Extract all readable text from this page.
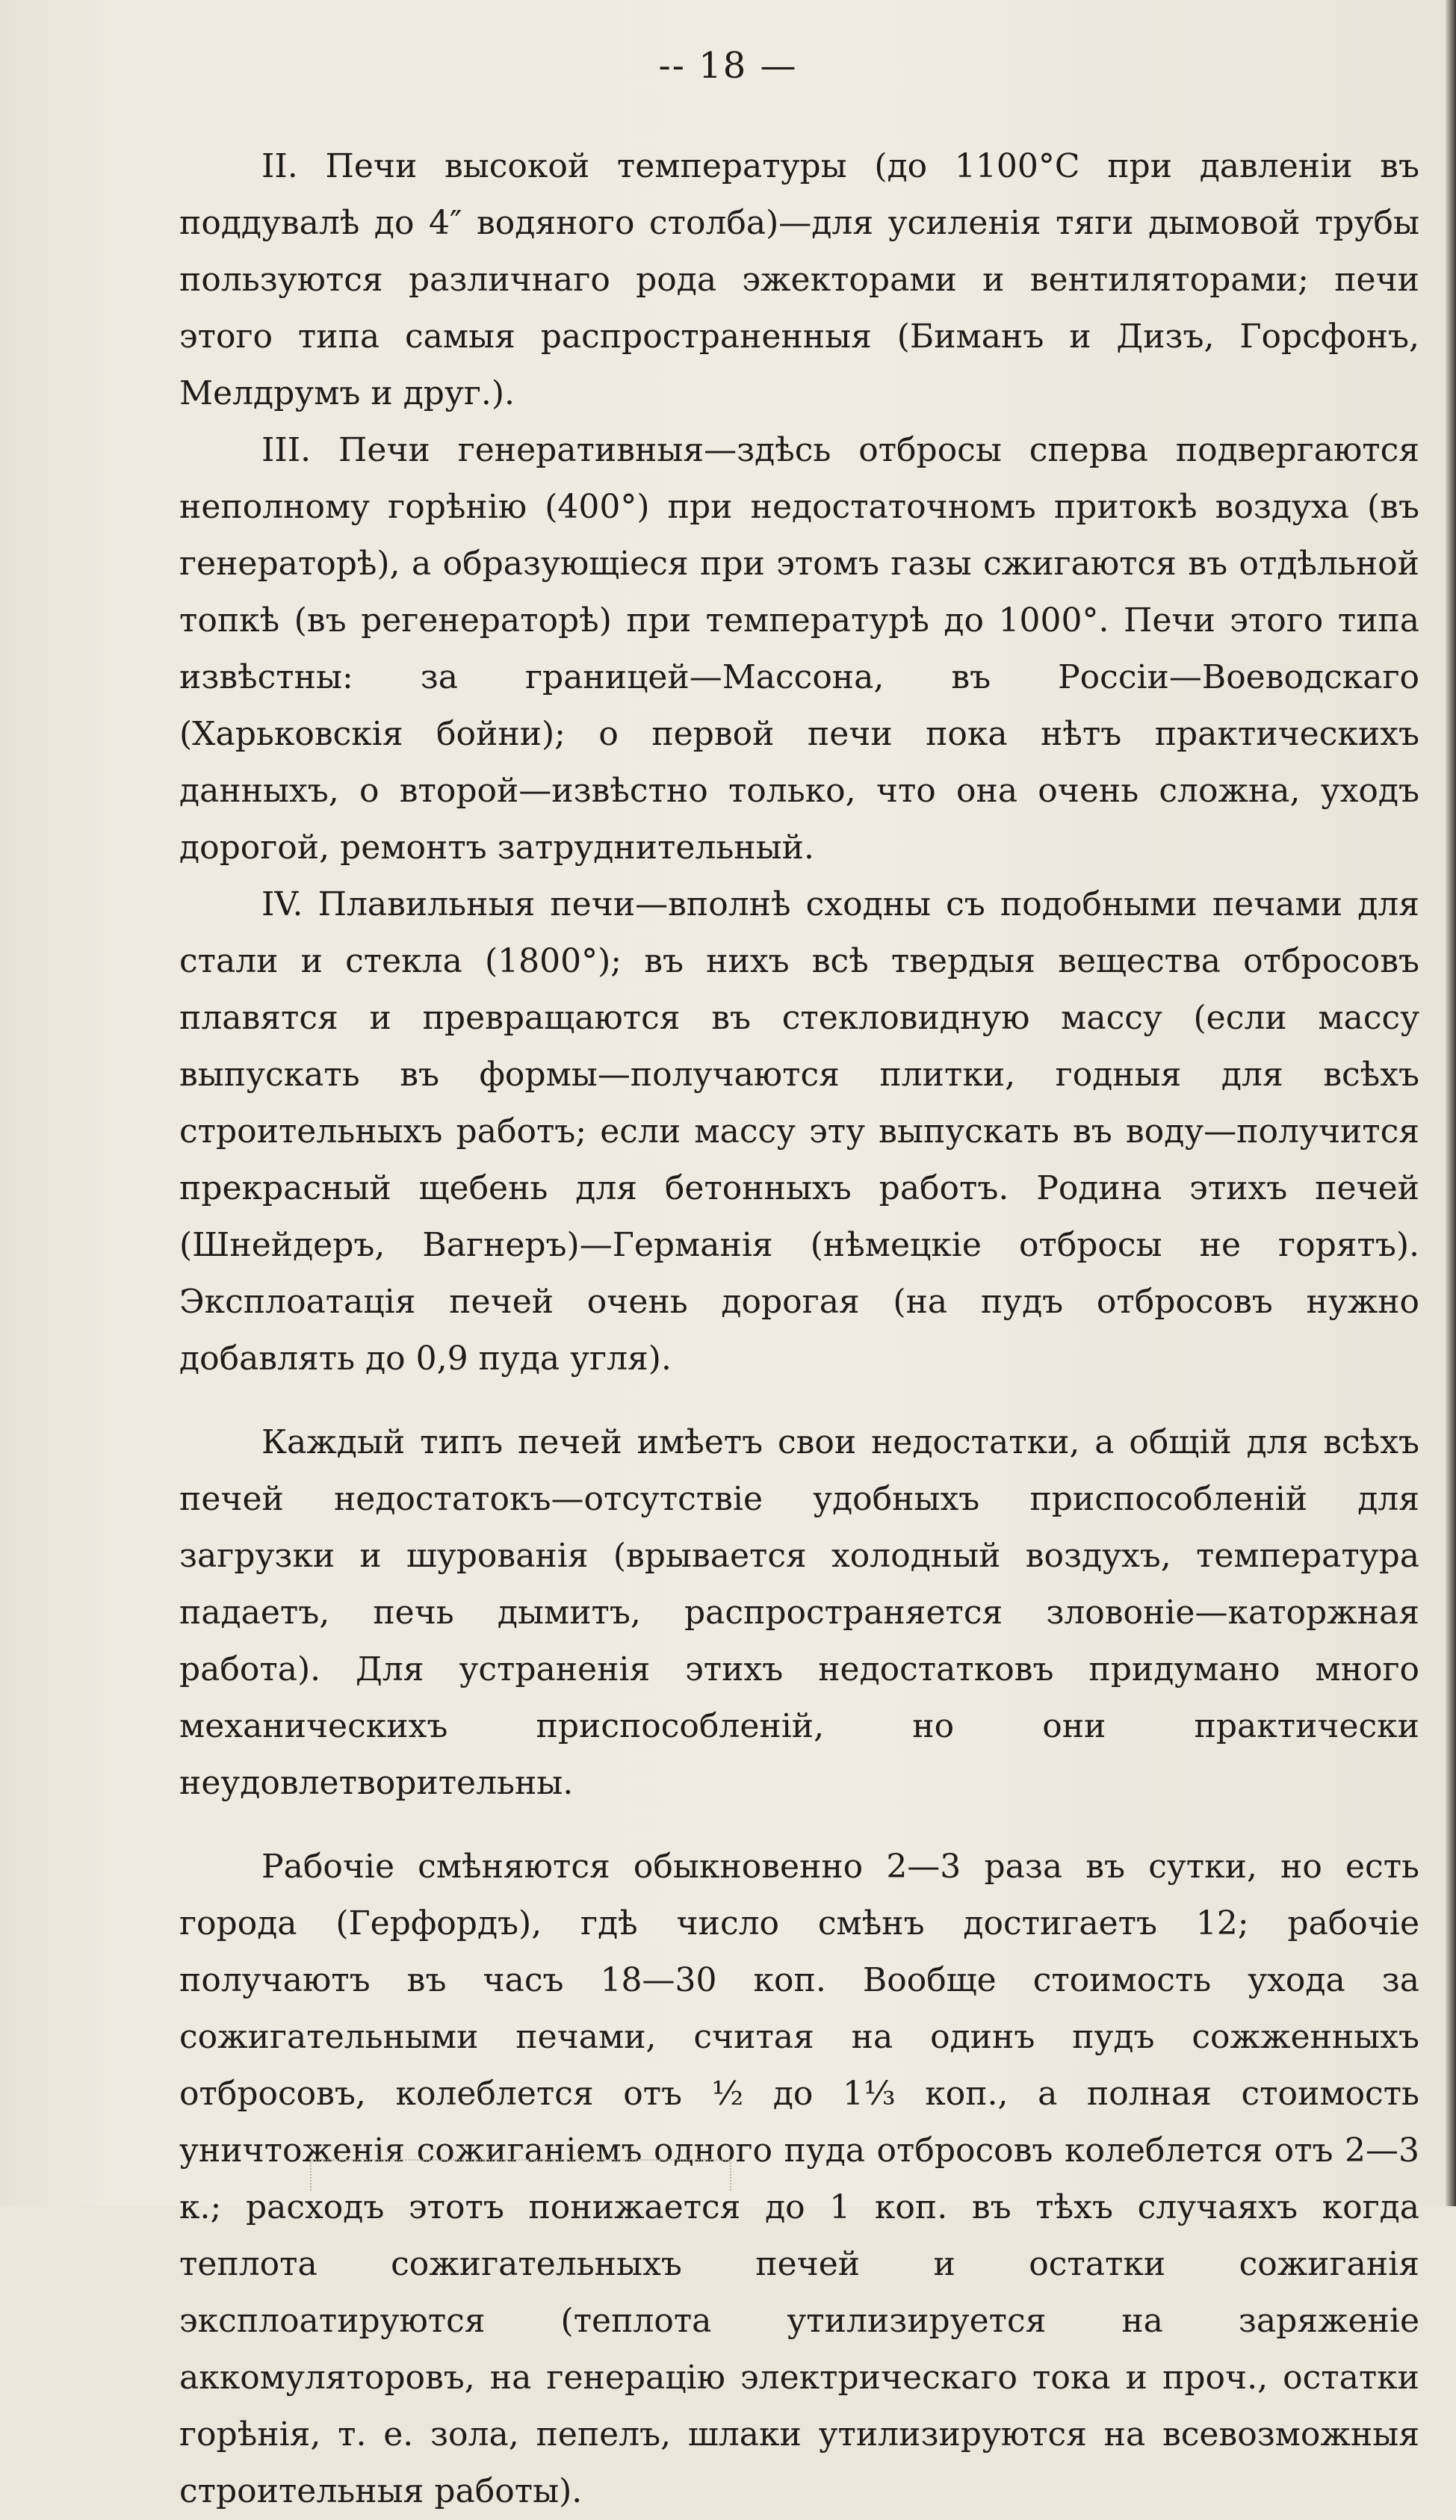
-- 18 —

II. Печи высокой температуры (до 1100°С при давленіи въ поддувалѣ до 4″ водяного столба)—для усиленія тяги дымовой трубы пользуются различнаго рода эжекторами и вентиляторами; печи этого типа самыя распространенныя (Биманъ и Дизъ, Горсфонъ, Мелдрумъ и друг.).

III. Печи генеративныя—здѣсь отбросы сперва подвергаются неполному горѣнію (400°) при недостаточномъ притокѣ воздуха (въ генераторѣ), а образующіеся при этомъ газы сжигаются въ отдѣльной топкѣ (въ регенераторѣ) при температурѣ до 1000°. Печи этого типа извѣстны: за границей—Массона, въ Россіи—Воеводскаго (Харьковскія бойни); о первой печи пока нѣтъ практическихъ данныхъ, о второй—извѣстно только, что она очень сложна, уходъ дорогой, ремонтъ затруднительный.

IV. Плавильныя печи—вполнѣ сходны съ подобными печами для стали и стекла (1800°); въ нихъ всѣ твердыя вещества отбросовъ плавятся и превращаются въ стекловидную массу (если массу выпускать въ формы—получаются плитки, годныя для всѣхъ строительныхъ работъ; если массу эту выпускать въ воду—получится прекрасный щебень для бетонныхъ работъ. Родина этихъ печей (Шнейдеръ, Вагнеръ)—Германія (нѣмецкіе отбросы не горятъ). Эксплоатація печей очень дорогая (на пудъ отбросовъ нужно добавлять до 0,9 пуда угля).

Каждый типъ печей имѣетъ свои недостатки, а общій для всѣхъ печей недостатокъ—отсутствіе удобныхъ приспособленій для загрузки и шурованія (врывается холодный воздухъ, температура падаетъ, печь дымитъ, распространяется зловоніе—каторжная работа). Для устраненія этихъ недостатковъ придумано много механическихъ приспособленій, но они практически неудовлетворительны.

Рабочіе смѣняются обыкновенно 2—3 раза въ сутки, но есть города (Герфордъ), гдѣ число смѣнъ достигаетъ 12; рабочіе получаютъ въ часъ 18—30 коп. Вообще стоимость ухода за сожигательными печами, считая на одинъ пудъ сожженныхъ отбросовъ, колеблется отъ ½ до 1⅓ коп., а полная стоимость уничтоженія сожиганіемъ одного пуда отбросовъ колеблется отъ 2—3 к.; расходъ этотъ понижается до 1 коп. въ тѣхъ случаяхъ когда теплота сожигательныхъ печей и остатки сожиганія эксплоатируются (теплота утилизируется на заряженіе аккомуляторовъ, на генерацію электрическаго тока и проч., остатки горѣнія, т. е. зола, пепелъ, шлаки утилизируются на всевозможныя строительныя работы).
